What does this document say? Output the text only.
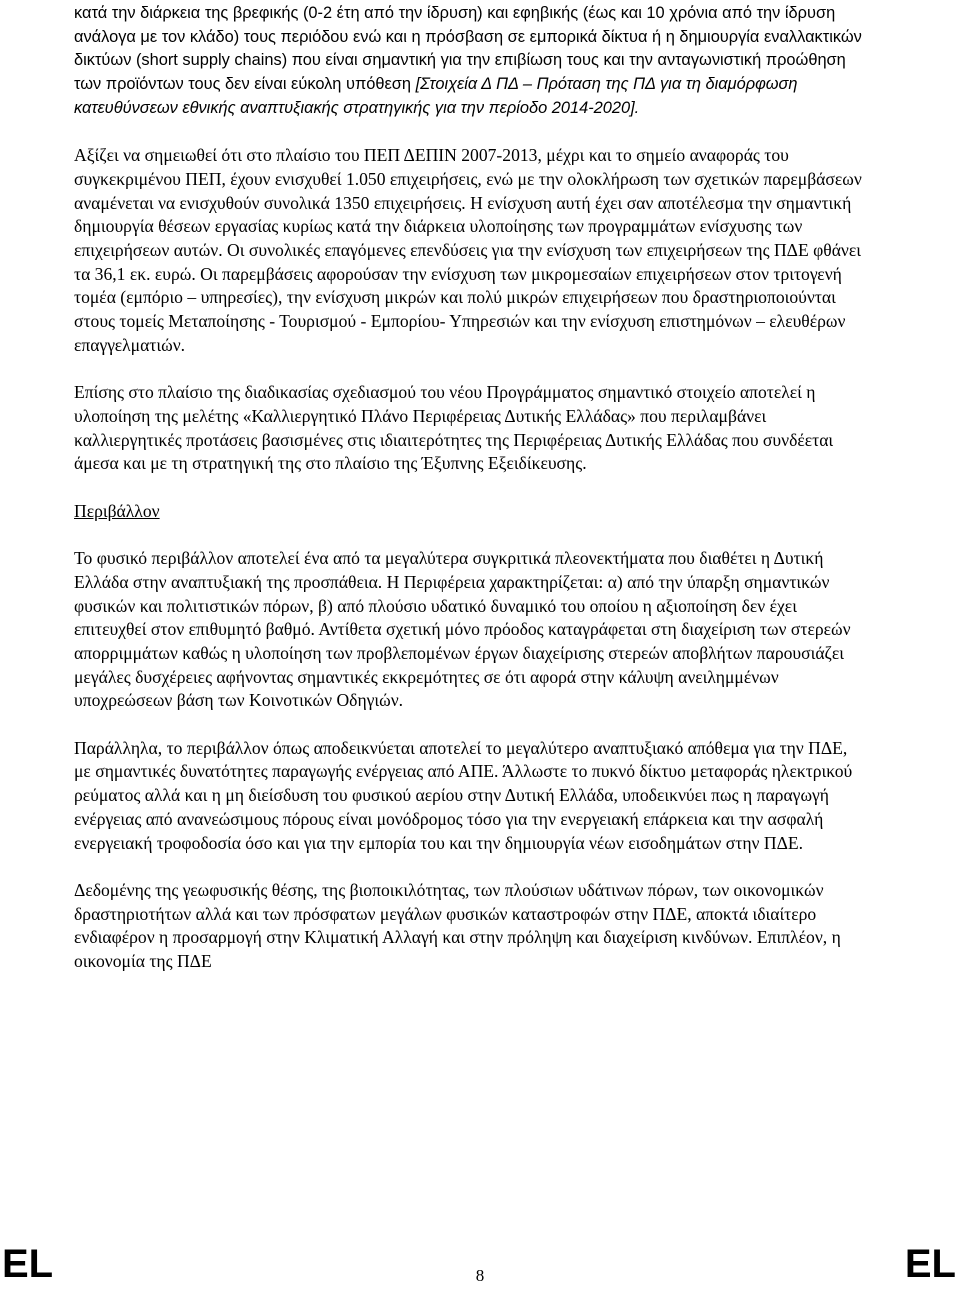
κατά την διάρκεια της βρεφικής (0-2 έτη από την ίδρυση) και εφηβικής (έως και 10 χρόνια από την ίδρυση ανάλογα με τον κλάδο) τους περιόδου ενώ και η πρόσβαση σε εμπορικά δίκτυα ή η δημιουργία εναλλακτικών δικτύων (short supply chains) που είναι σημαντική για την επιβίωση τους και την ανταγωνιστική προώθηση των προϊόντων τους δεν είναι εύκολη υπόθεση [Στοιχεία Δ ΠΔ – Πρόταση της ΠΔ για τη διαμόρφωση κατευθύνσεων εθνικής αναπτυξιακής στρατηγικής για την περίοδο 2014-2020].

Αξίζει να σημειωθεί ότι στο πλαίσιο του ΠΕΠ ΔΕΠΙΝ 2007-2013, μέχρι και το σημείο αναφοράς του συγκεκριμένου ΠΕΠ, έχουν ενισχυθεί 1.050 επιχειρήσεις, ενώ με την ολοκλήρωση των σχετικών παρεμβάσεων αναμένεται να ενισχυθούν συνολικά 1350 επιχειρήσεις. Η ενίσχυση αυτή έχει σαν αποτέλεσμα την σημαντική δημιουργία θέσεων εργασίας κυρίως κατά την διάρκεια υλοποίησης των προγραμμάτων ενίσχυσης των επιχειρήσεων αυτών. Οι συνολικές επαγόμενες επενδύσεις για την ενίσχυση των επιχειρήσεων της ΠΔΕ φθάνει τα 36,1 εκ. ευρώ. Οι παρεμβάσεις αφορούσαν την ενίσχυση των μικρομεσαίων επιχειρήσεων στον τριτογενή τομέα (εμπόριο – υπηρεσίες), την ενίσχυση μικρών και πολύ μικρών επιχειρήσεων που δραστηριοποιούνται στους τομείς Μεταποίησης - Τουρισμού - Εμπορίου- Υπηρεσιών και την ενίσχυση επιστημόνων – ελευθέρων επαγγελματιών.

Επίσης στο πλαίσιο της διαδικασίας σχεδιασμού του νέου Προγράμματος σημαντικό στοιχείο αποτελεί η υλοποίηση της μελέτης «Καλλιεργητικό Πλάνο Περιφέρειας Δυτικής Ελλάδας» που περιλαμβάνει καλλιεργητικές προτάσεις βασισμένες στις ιδιαιτερότητες της Περιφέρειας Δυτικής Ελλάδας που συνδέεται άμεσα και με τη στρατηγική της στο πλαίσιο της Έξυπνης Εξειδίκευσης.

Περιβάλλον

Το φυσικό περιβάλλον αποτελεί ένα από τα μεγαλύτερα συγκριτικά πλεονεκτήματα που διαθέτει η Δυτική Ελλάδα στην αναπτυξιακή της προσπάθεια. Η Περιφέρεια χαρακτηρίζεται: α) από την ύπαρξη σημαντικών φυσικών και πολιτιστικών πόρων, β) από πλούσιο υδατικό δυναμικό του οποίου η αξιοποίηση δεν έχει επιτευχθεί στον επιθυμητό βαθμό. Αντίθετα σχετική μόνο πρόοδος καταγράφεται στη διαχείριση των στερεών απορριμμάτων καθώς η υλοποίηση των προβλεπομένων έργων διαχείρισης στερεών αποβλήτων παρουσιάζει μεγάλες δυσχέρειες αφήνοντας σημαντικές εκκρεμότητες σε ότι αφορά στην κάλυψη ανειλημμένων υποχρεώσεων βάση των Κοινοτικών Οδηγιών.

Παράλληλα, το περιβάλλον όπως αποδεικνύεται αποτελεί το μεγαλύτερο αναπτυξιακό απόθεμα για την ΠΔΕ, με σημαντικές δυνατότητες παραγωγής ενέργειας από ΑΠΕ. Άλλωστε το πυκνό δίκτυο μεταφοράς ηλεκτρικού ρεύματος αλλά και η μη διείσδυση του φυσικού αερίου στην Δυτική Ελλάδα, υποδεικνύει πως η παραγωγή ενέργειας από ανανεώσιμους πόρους είναι μονόδρομος τόσο για την ενεργειακή επάρκεια και την ασφαλή ενεργειακή τροφοδοσία όσο και για την εμπορία του και την δημιουργία νέων εισοδημάτων στην ΠΔΕ.

Δεδομένης της γεωφυσικής θέσης, της βιοποικιλότητας, των πλούσιων υδάτινων πόρων, των οικονομικών δραστηριοτήτων αλλά και των πρόσφατων μεγάλων φυσικών καταστροφών στην ΠΔΕ, αποκτά ιδιαίτερο ενδιαφέρον η προσαρμογή στην Κλιματική Αλλαγή και στην πρόληψη και διαχείριση κινδύνων. Επιπλέον, η οικονομία της ΠΔΕ

EL	8	EL
